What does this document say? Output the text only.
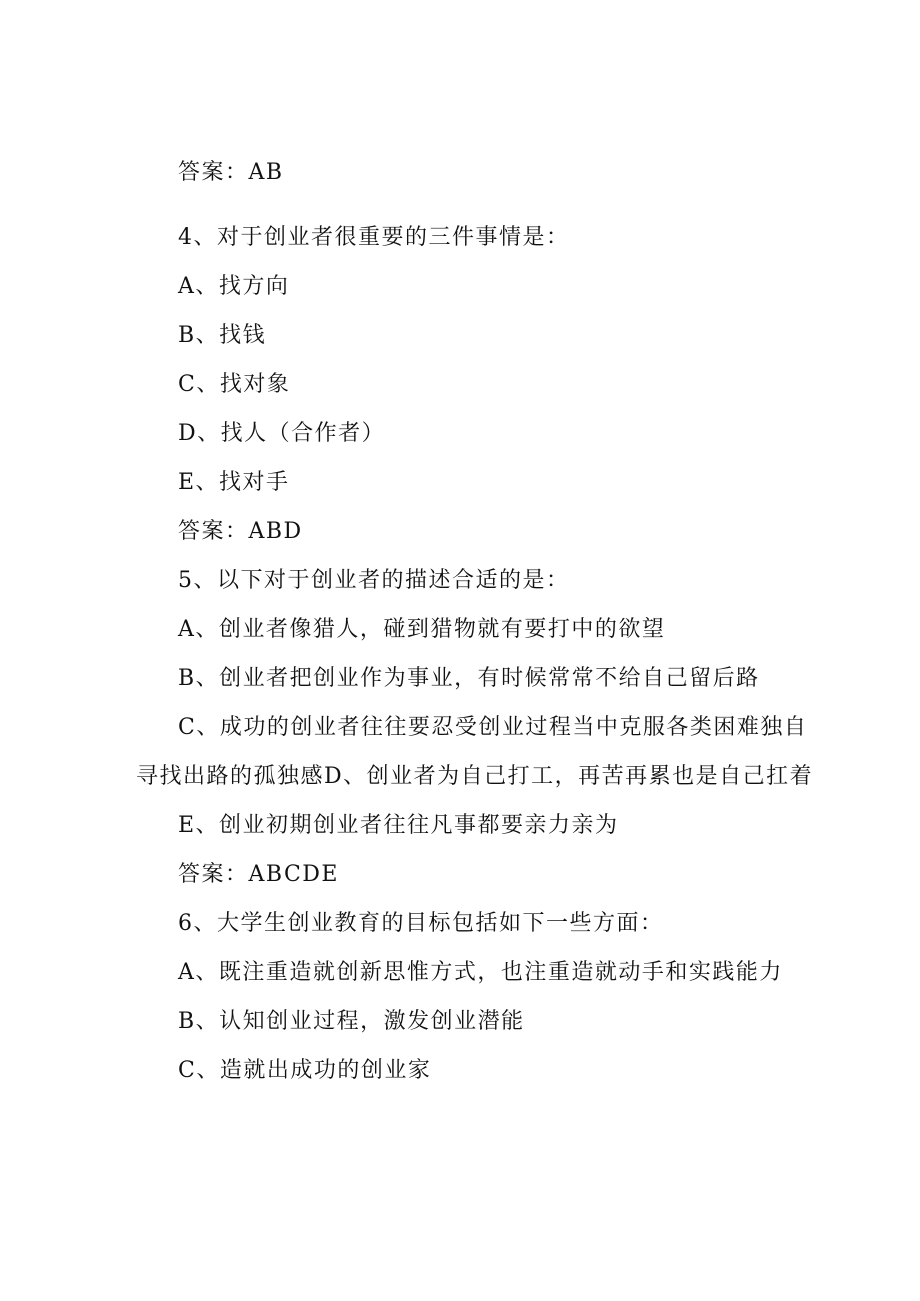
答案：AB
4、对于创业者很重要的三件事情是：
A、找方向
B、找钱
C、找对象
D、找人（合作者）
E、找对手
答案：ABD
5、以下对于创业者的描述合适的是：
A、创业者像猎人，碰到猎物就有要打中的欲望
B、创业者把创业作为事业，有时候常常不给自己留后路
C、成功的创业者往往要忍受创业过程当中克服各类困难独自
寻找出路的孤独感D、创业者为自己打工，再苦再累也是自己扛着
E、创业初期创业者往往凡事都要亲力亲为
答案：ABCDE
6、大学生创业教育的目标包括如下一些方面：
A、既注重造就创新思惟方式，也注重造就动手和实践能力
B、认知创业过程，激发创业潜能
C、造就出成功的创业家
